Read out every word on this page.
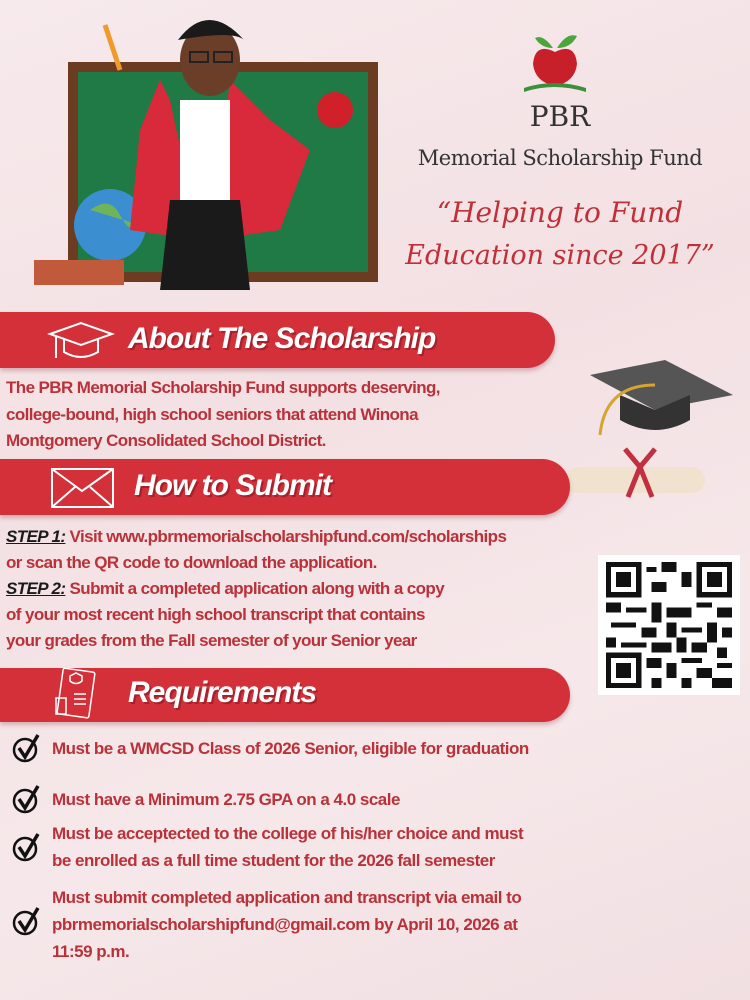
PBR
Memorial Scholarship Fund
“Helping to Fund
Education since 2017”
About The Scholarship
The PBR Memorial Scholarship Fund supports deserving,
college-bound, high school seniors that attend Winona
Montgomery Consolidated School District.
How to Submit
STEP 1: Visit www.pbrmemorialscholarshipfund.com/scholarships
or scan the QR code to download the application.
STEP 2: Submit a completed application along with a copy
of your most recent high school transcript that contains
your grades from the Fall semester of your Senior year
Requirements
Must be a WMCSD Class of 2026 Senior, eligible for graduation
Must have a Minimum 2.75 GPA on a 4.0 scale
Must be acceptected to the college of his/her choice and must
be enrolled as a full time student for the 2026 fall semester
Must submit completed application and transcript via email to
pbrmemorialscholarshipfund@gmail.com by April 10, 2026 at
11:59 p.m.
